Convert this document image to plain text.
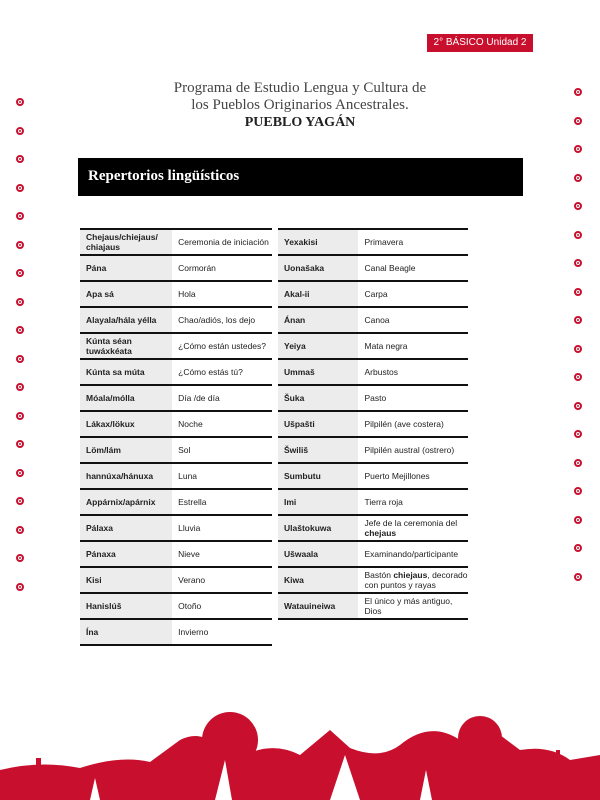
2° BÁSICO Unidad 2
Programa de Estudio Lengua y Cultura de
los Pueblos Originarios Ancestrales.
PUEBLO YAGÁN
Repertorios lingüísticos
Chejaus/chiejaus/ chiajaus	Ceremonia de iniciación
Pána	Cormorán
Apa sá	Hola
Alayala/hála yélla	Chao/adiós, los dejo
Kúnta séan tuwáxkéata	¿Cómo están ustedes?
Kúnta sa múta	¿Cómo estás tú?
Móala/mólla	Día /de día
Lákax/lökux	Noche
Löm/lám	Sol
hannúxa/hánuxa	Luna
Appárnix/apárnix	Estrella
Pálaxa	Lluvia
Pánaxa	Nieve
Kisi	Verano
Hanislúš	Otoño
Ína	Invierno
Yexakisi	Primavera
Uonašaka	Canal Beagle
Akal-ii	Carpa
Ánan	Canoa
Yeiya	Mata negra
Ummaš	Arbustos
Šuka	Pasto
Ušpašti	Pilpilén (ave costera)
Šwiliš	Pilpilén austral (ostrero)
Sumbutu	Puerto Mejillones
Imi	Tierra roja
Ulaštokuwa	Jefe de la ceremonia del
chejaus
Ušwaala	Examinando/participante
Kiwa	Bastón chiejaus, decorado con puntos y rayas
Watauineiwa	El único y más antiguo, Dios
